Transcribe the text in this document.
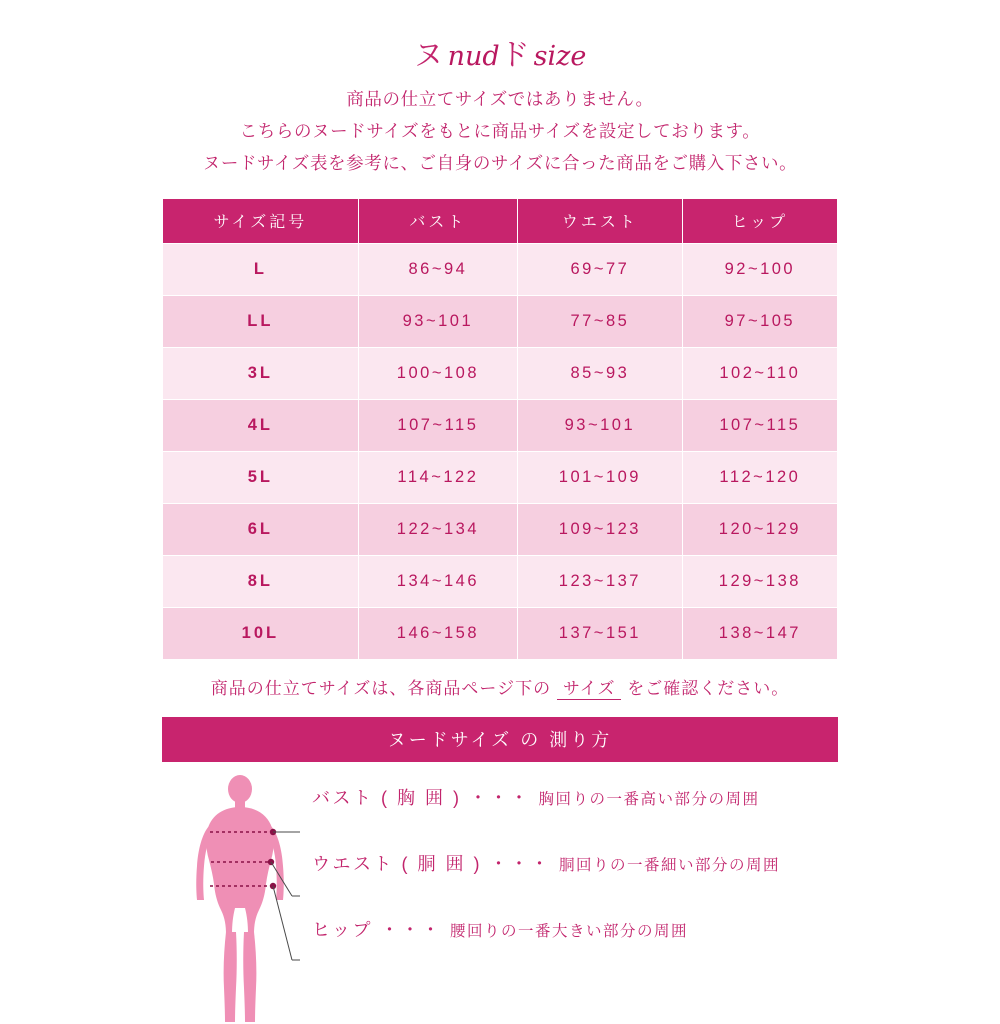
ヌnudドsize
商品の仕立てサイズではありません。
こちらのヌードサイズをもとに商品サイズを設定しております。
ヌードサイズ表を参考に、ご自身のサイズに合った商品をご購入下さい。
サイズ記号	バスト	ウエスト	ヒップ
L	86~94	69~77	92~100
LL	93~101	77~85	97~105
3L	100~108	85~93	102~110
4L	107~115	93~101	107~115
5L	114~122	101~109	112~120
6L	122~134	109~123	120~129
8L	134~146	123~137	129~138
10L	146~158	137~151	138~147
商品の仕立てサイズは、各商品ページ下の サイズ をご確認ください。
ヌードサイズ の 測り方
バスト ( 胸 囲 ) ・・・ 胸回りの一番高い部分の周囲
ウエスト ( 胴 囲 ) ・・・ 胴回りの一番細い部分の周囲
ヒップ ・・・ 腰回りの一番大きい部分の周囲
